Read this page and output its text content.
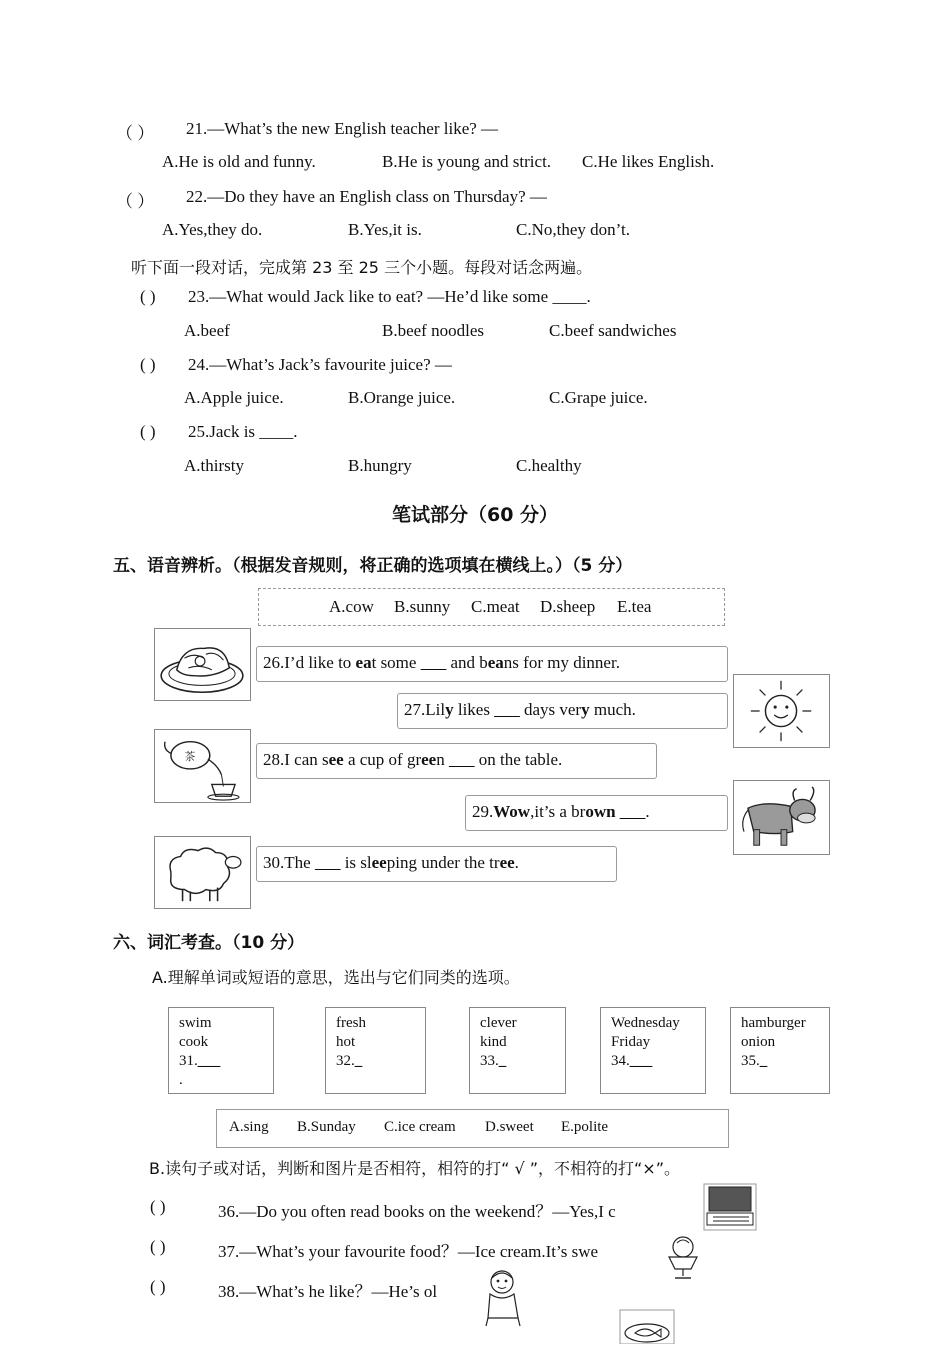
（ ） 21.—What’s the new English teacher like? —
A.He is old and funny.	B.He is young and strict. C.He likes English.
（ ） 22.—Do they have an English class on Thursday? —
A.Yes,they do.	B.Yes,it is.	C.No,they don’t.
听下面一段对话，完成第 23 至 25 三个小题。每段对话念两遍。
( ) 23.—What would Jack like to eat? —He’d like some ____.
A.beef	B.beef noodles	C.beef sandwiches
( ) 24.—What’s Jack’s favourite juice? —
A.Apple juice.	B.Orange juice.	C.Grape juice.
( ) 25.Jack is ____.
A.thirsty	B.hungry	C.healthy
笔试部分（60 分）
五、语音辨析。（根据发音规则，将正确的选项填在横线上。）（5 分）
A.cow B.sunny C.meat D.sheep E.tea
茶
26.I’d like to eat some ___ and beans for my dinner.
27.Lily likes ___ days very much.
28.I can see a cup of green ___ on the table.
29.Wow,it’s a brown ___.
30.The ___ is sleeping under the tree.
六、词汇考查。（10 分）
A.理解单词或短语的意思，选出与它们同类的选项。
swim
cook
31.___
.
fresh
hot
32._
clever
kind
33._
Wednesday
Friday
34.___
hamburger
onion
35._
A.sing B.Sunday C.ice cream D.sweet E.polite
B.读句子或对话，判断和图片是否相符，相符的打“ √ ”，不相符的打“×”。
( )	36.—Do you often read books on the weekend？—Yes,I c
( )	37.—What’s your favourite food？—Ice cream.It’s swe
( )	38.—What’s he like？—He’s ol
